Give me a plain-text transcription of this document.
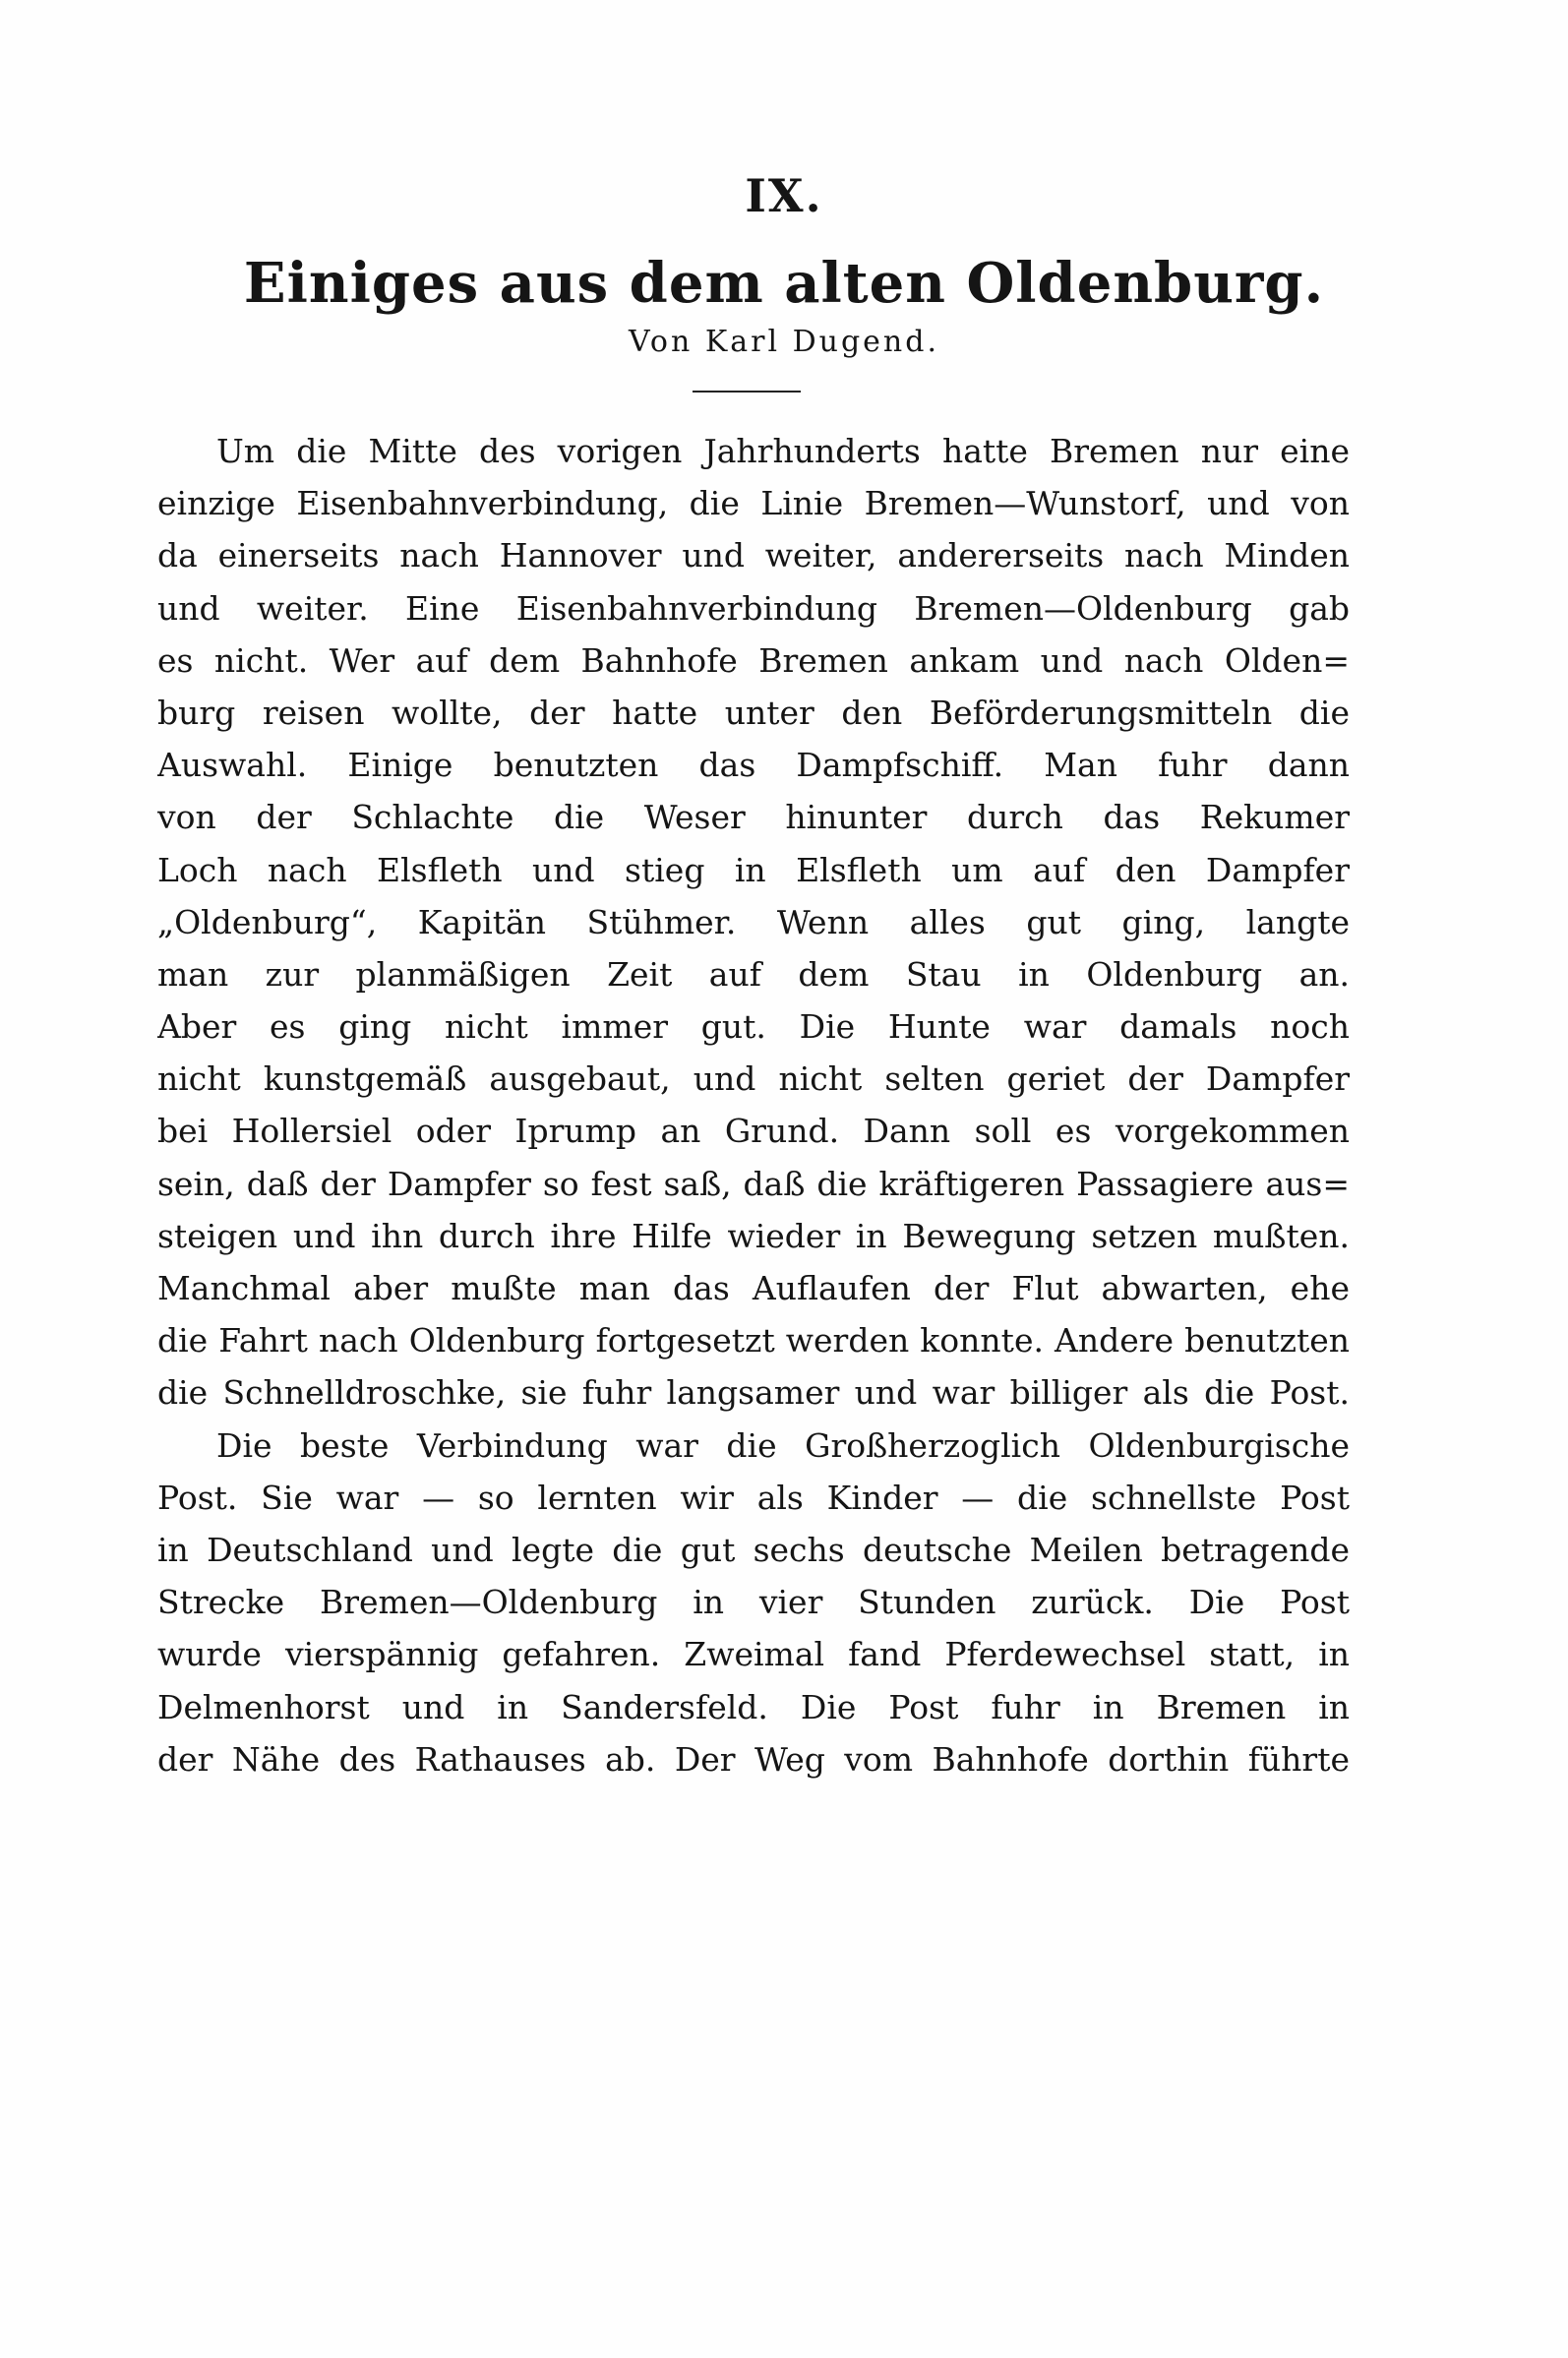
IX.
Einiges aus dem alten Oldenburg.
Von Karl Dugend.
Um die Mitte des vorigen Jahrhunderts hatte Bremen nur eine
einzige Eisenbahnverbindung, die Linie Bremen—Wunstorf, und von
da einerseits nach Hannover und weiter, andererseits nach Minden
und weiter. Eine Eisenbahnverbindung Bremen—Oldenburg gab
es nicht. Wer auf dem Bahnhofe Bremen ankam und nach Olden=
burg reisen wollte, der hatte unter den Beförderungsmitteln die
Auswahl. Einige benutzten das Dampfschiff. Man fuhr dann
von der Schlachte die Weser hinunter durch das Rekumer
Loch nach Elsfleth und stieg in Elsfleth um auf den Dampfer
„Oldenburg“, Kapitän Stühmer. Wenn alles gut ging, langte
man zur planmäßigen Zeit auf dem Stau in Oldenburg an.
Aber es ging nicht immer gut. Die Hunte war damals noch
nicht kunstgemäß ausgebaut, und nicht selten geriet der Dampfer
bei Hollersiel oder Iprump an Grund. Dann soll es vorgekommen
sein, daß der Dampfer so fest saß, daß die kräftigeren Passagiere aus=
steigen und ihn durch ihre Hilfe wieder in Bewegung setzen mußten.
Manchmal aber mußte man das Auflaufen der Flut abwarten, ehe
die Fahrt nach Oldenburg fortgesetzt werden konnte. Andere benutzten
die Schnelldroschke, sie fuhr langsamer und war billiger als die Post.
Die beste Verbindung war die Großherzoglich Oldenburgische
Post. Sie war — so lernten wir als Kinder — die schnellste Post
in Deutschland und legte die gut sechs deutsche Meilen betragende
Strecke Bremen—Oldenburg in vier Stunden zurück. Die Post
wurde vierspännig gefahren. Zweimal fand Pferdewechsel statt, in
Delmenhorst und in Sandersfeld. Die Post fuhr in Bremen in
der Nähe des Rathauses ab. Der Weg vom Bahnhofe dorthin führte
